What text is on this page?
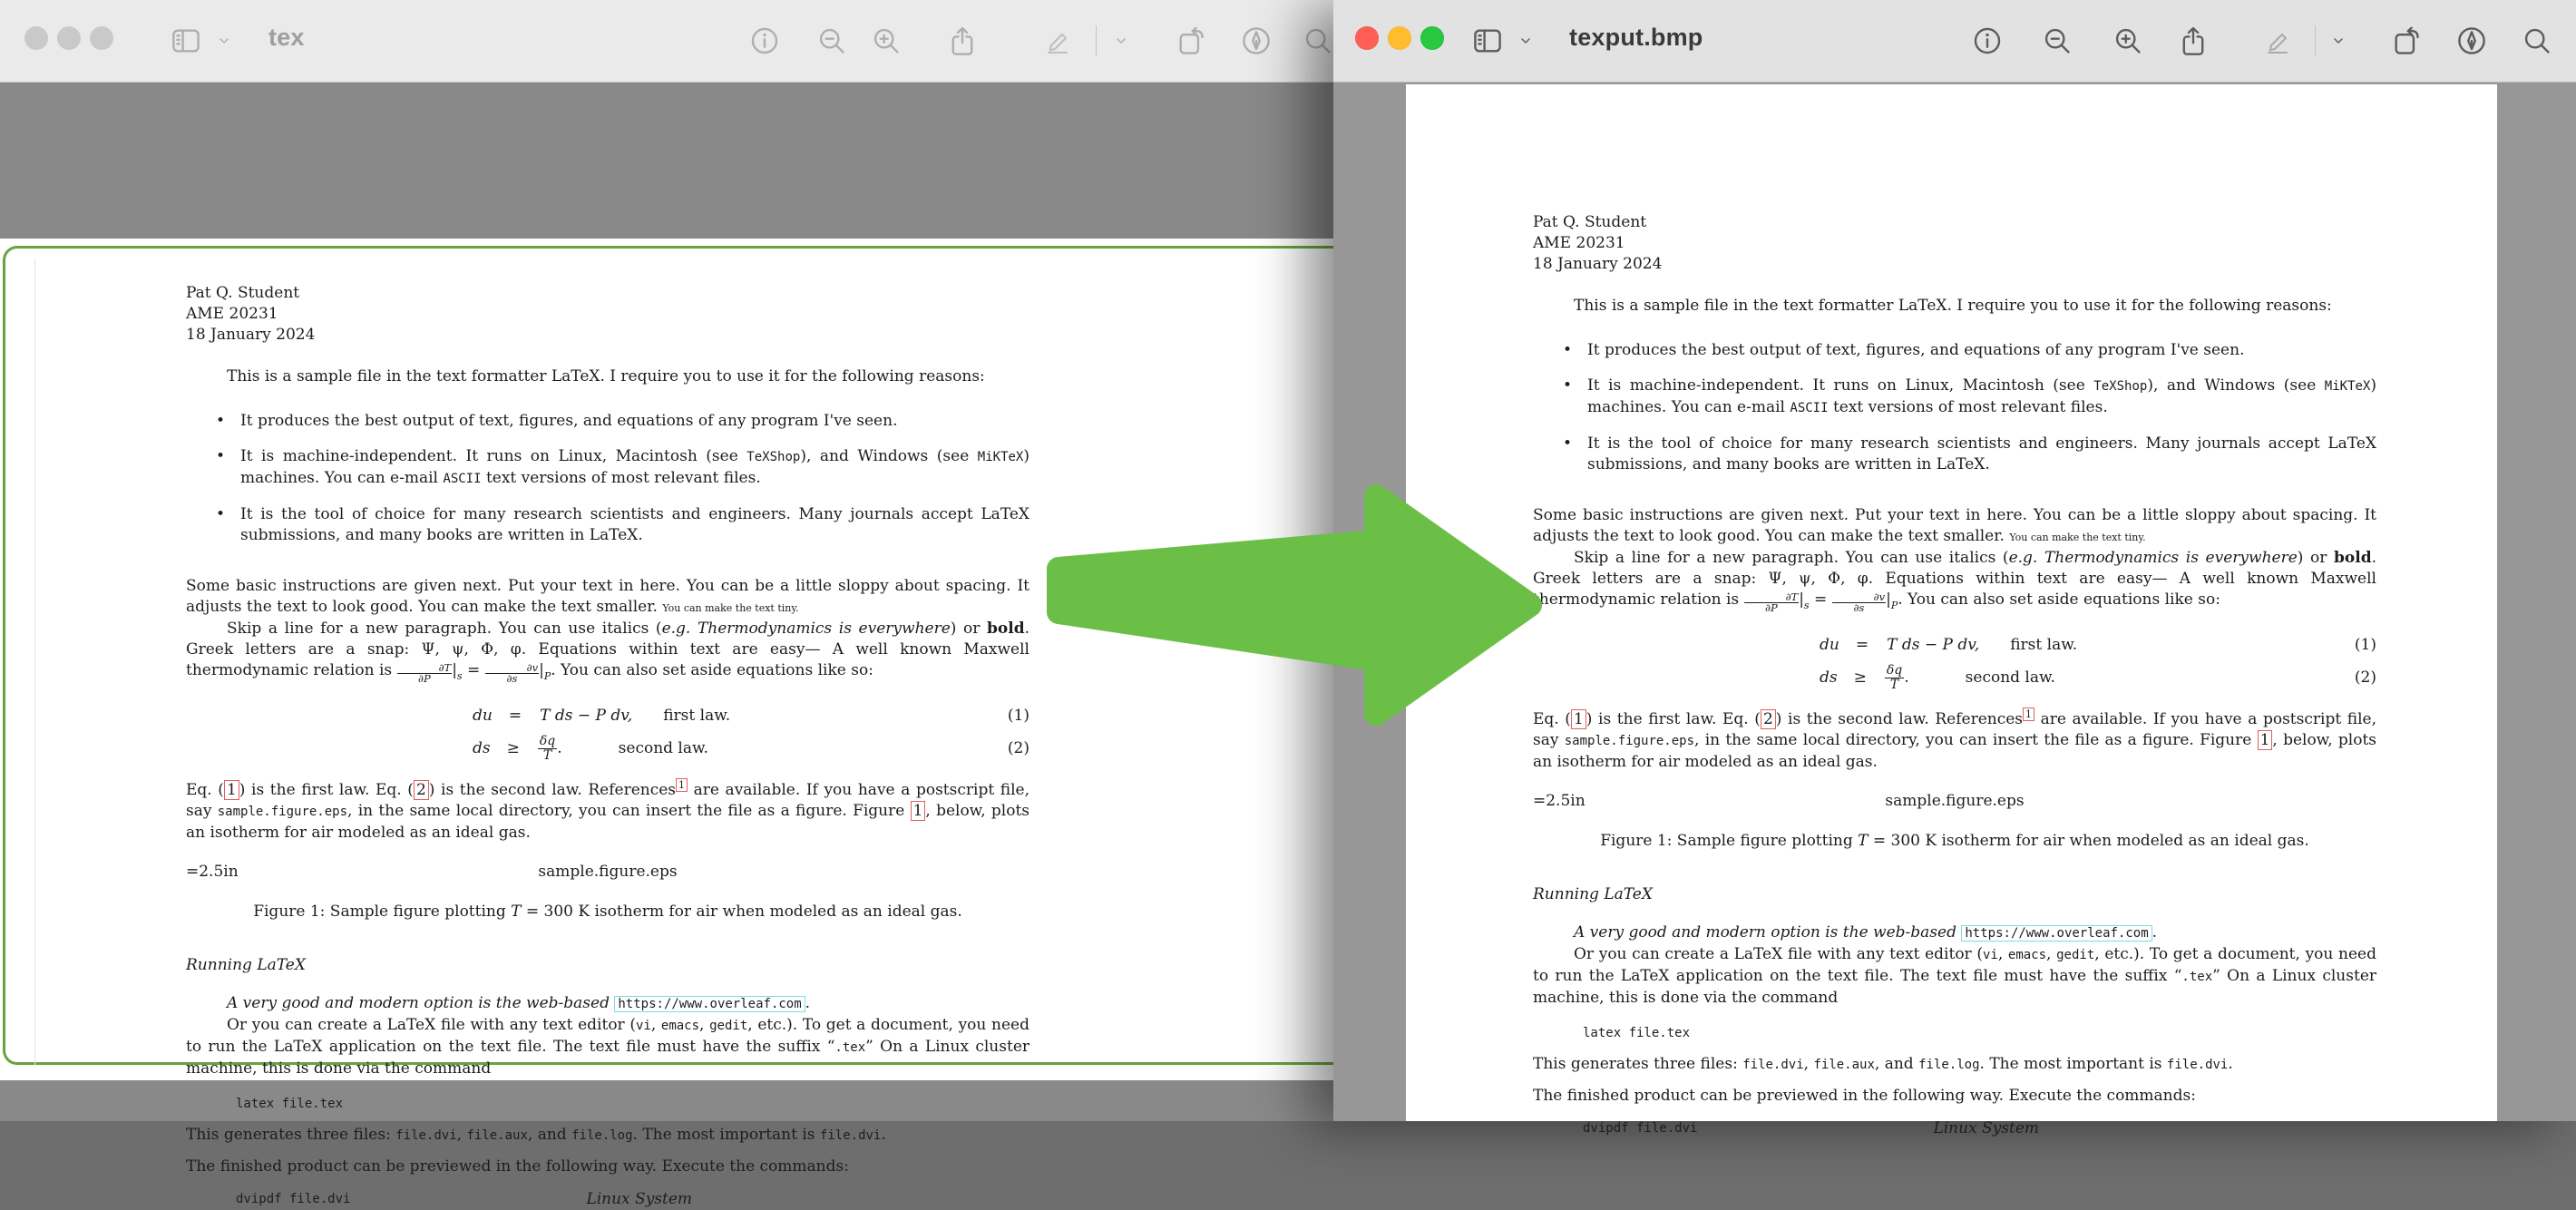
tex

Pat Q. Student

AME 20231

18 January 2024

This is a sample file in the text formatter LaTeX. I require you to use it for the following reasons:

• It produces the best output of text, figures, and equations of any program I've seen.
• It is machine-independent. It runs on Linux, Macintosh (see TeXShop), and Windows (see MiKTeX) machines. You can e-mail ASCII text versions of most relevant files.
• It is the tool of choice for many research scientists and engineers. Many journals accept LaTeX submissions, and many books are written in LaTeX.

Some basic instructions are given next. Put your text in here. You can be a little sloppy about spacing. It adjusts the text to look good. You can make the text smaller. You can make the text tiny.

Skip a line for a new paragraph. You can use italics (e.g. Thermodynamics is everywhere) or bold. Greek letters are a snap: Ψ, ψ, Φ, φ. Equations within text are easy— A well known Maxwell thermodynamic relation is $\frac{\partial T}{\partial P}|_s = \frac{\partial v}{\partial s}|_P$. You can also set aside equations like so:

du = T ds − P dv, first law.	(1)
ds ≥ $\frac{\delta q}{T}$ .	second law.	(2)

Eq. ( 1 ) is the first law. Eq. ( 2 ) is the second law. References $^1$ are available. If you have a postscript file, say sample.figure.eps, in the same local directory, you can insert the file as a figure. Figure 1 , below, plots an isotherm for air modeled as an ideal gas.

=2.5in	sample.figure.eps

Figure 1: Sample figure plotting T = 300 K isotherm for air when modeled as an ideal gas.

Running LaTeX

A very good and modern option is the web-based https://www.overleaf.com .

Or you can create a LaTeX file with any text editor (vi, emacs, gedit, etc.). To get a document, you need to run the LaTeX application on the text file. The text file must have the suffix “.tex” On a Linux cluster machine, this is done via the command

latex file.tex

This generates three files: file.dvi, file.aux, and file.log. The most important is file.dvi.

The finished product can be previewed in the following way. Execute the commands:

dvipdf file.dvi	Linux System
texput.bmp

Pat Q. Student

AME 20231

18 January 2024

This is a sample file in the text formatter LaTeX. I require you to use it for the following reasons:

• It produces the best output of text, figures, and equations of any program I've seen.
• It is machine-independent. It runs on Linux, Macintosh (see TeXShop), and Windows (see MiKTeX) machines. You can e-mail ASCII text versions of most relevant files.
• It is the tool of choice for many research scientists and engineers. Many journals accept LaTeX submissions, and many books are written in LaTeX.

Some basic instructions are given next. Put your text in here. You can be a little sloppy about spacing. It adjusts the text to look good. You can make the text smaller. You can make the text tiny.

Skip a line for a new paragraph. You can use italics (e.g. Thermodynamics is everywhere) or bold. Greek letters are a snap: Ψ, ψ, Φ, φ. Equations within text are easy— A well known Maxwell thermodynamic relation is $\frac{\partial T}{\partial P}|_s = \frac{\partial v}{\partial s}|_P$. You can also set aside equations like so:

du = T ds − P dv, first law.	(1)
ds ≥ $\frac{\delta q}{T}$ .	second law.	(2)

Eq. ( 1 ) is the first law. Eq. ( 2 ) is the second law. References $^1$ are available. If you have a postscript file, say sample.figure.eps, in the same local directory, you can insert the file as a figure. Figure 1 , below, plots an isotherm for air modeled as an ideal gas.

=2.5in	sample.figure.eps

Figure 1: Sample figure plotting T = 300 K isotherm for air when modeled as an ideal gas.

Running LaTeX

A very good and modern option is the web-based https://www.overleaf.com .

Or you can create a LaTeX file with any text editor (vi, emacs, gedit, etc.). To get a document, you need to run the LaTeX application on the text file. The text file must have the suffix “.tex” On a Linux cluster machine, this is done via the command

latex file.tex

This generates three files: file.dvi, file.aux, and file.log. The most important is file.dvi.

The finished product can be previewed in the following way. Execute the commands:

dvipdf file.dvi	Linux System
